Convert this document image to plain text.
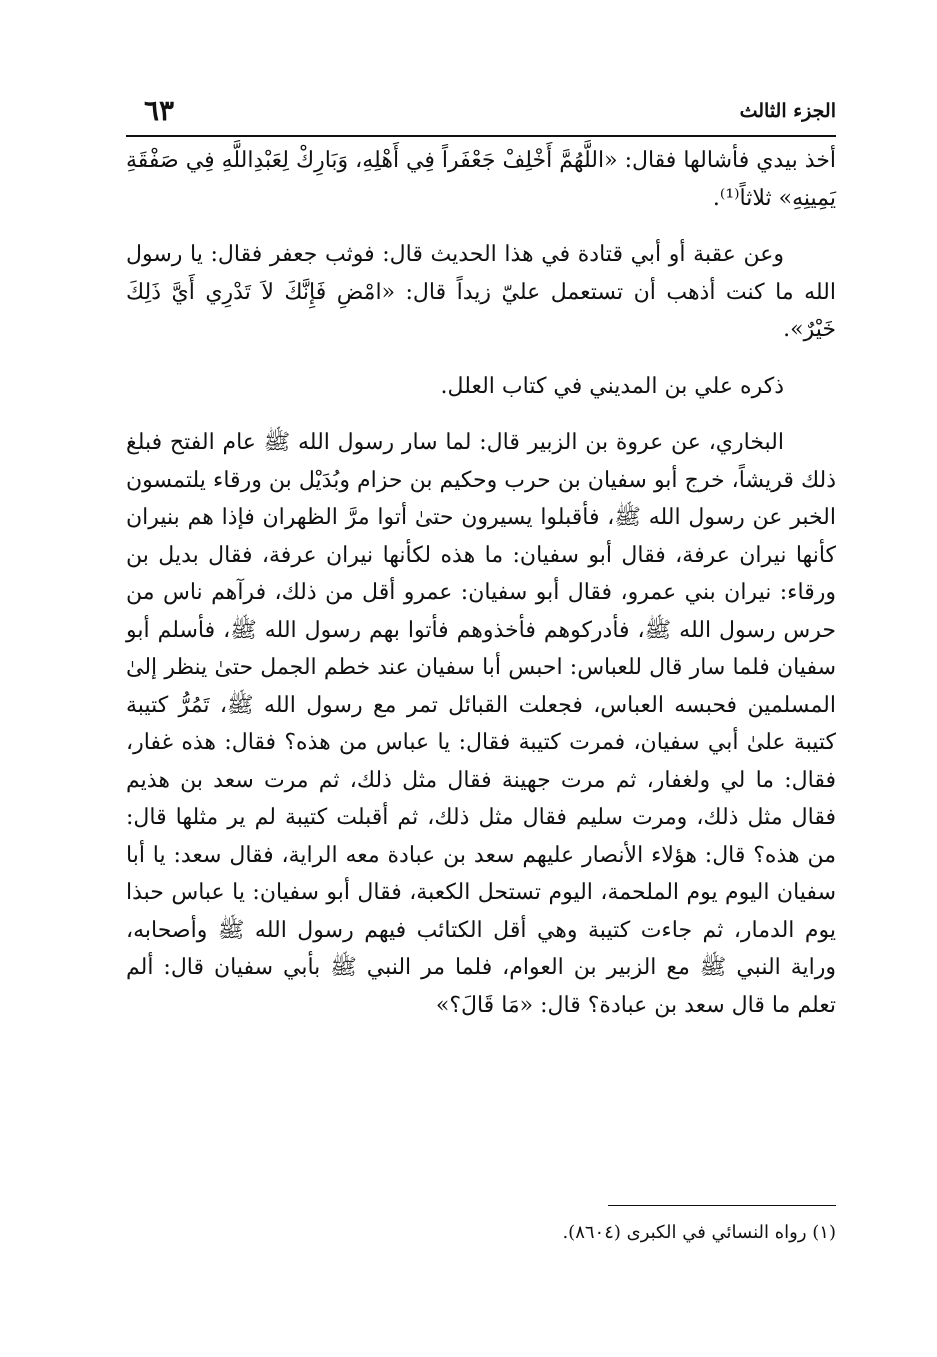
الجزء الثالث
٦٣

أخذ بيدي فأشالها فقال: «اللَّهُمَّ أَخْلِفْ جَعْفَراً فِي أَهْلِهِ، وَبَارِكْ لِعَبْدِاللَّهِ فِي صَفْقَةِ يَمِينِهِ» ثلاثاً⁽¹⁾.

وعن عقبة أو أبي قتادة في هذا الحديث قال: فوثب جعفر فقال: يا رسول الله ما كنت أذهب أن تستعمل عليّ زيداً قال: «امْضِ فَإِنَّكَ لاَ تَدْرِي أَيَّ ذَلِكَ خَيْرٌ».

ذكره علي بن المديني في كتاب العلل.

البخاري، عن عروة بن الزبير قال: لما سار رسول الله ﷺ عام الفتح فبلغ ذلك قريشاً، خرج أبو سفيان بن حرب وحكيم بن حزام وبُدَيْل بن ورقاء يلتمسون الخبر عن رسول الله ﷺ، فأقبلوا يسيرون حتىٰ أتوا مرَّ الظهران فإذا هم بنيران كأنها نيران عرفة، فقال أبو سفيان: ما هذه لكأنها نيران عرفة، فقال بديل بن ورقاء: نيران بني عمرو، فقال أبو سفيان: عمرو أقل من ذلك، فرآهم ناس من حرس رسول الله ﷺ، فأدركوهم فأخذوهم فأتوا بهم رسول الله ﷺ، فأسلم أبو سفيان فلما سار قال للعباس: احبس أبا سفيان عند خطم الجمل حتىٰ ينظر إلىٰ المسلمين فحبسه العباس، فجعلت القبائل تمر مع رسول الله ﷺ، تَمُرُّ كتيبة كتيبة علىٰ أبي سفيان، فمرت كتيبة فقال: يا عباس من هذه؟ فقال: هذه غفار، فقال: ما لي ولغفار، ثم مرت جهينة فقال مثل ذلك، ثم مرت سعد بن هذيم فقال مثل ذلك، ومرت سليم فقال مثل ذلك، ثم أقبلت كتيبة لم ير مثلها قال: من هذه؟ قال: هؤلاء الأنصار عليهم سعد بن عبادة معه الراية، فقال سعد: يا أبا سفيان اليوم يوم الملحمة، اليوم تستحل الكعبة، فقال أبو سفيان: يا عباس حبذا يوم الدمار، ثم جاءت كتيبة وهي أقل الكتائب فيهم رسول الله ﷺ وأصحابه، وراية النبي ﷺ مع الزبير بن العوام، فلما مر النبي ﷺ بأبي سفيان قال: ألم تعلم ما قال سعد بن عبادة؟ قال: «مَا قَالَ؟»

(١) رواه النسائي في الكبرى (٨٦٠٤).
